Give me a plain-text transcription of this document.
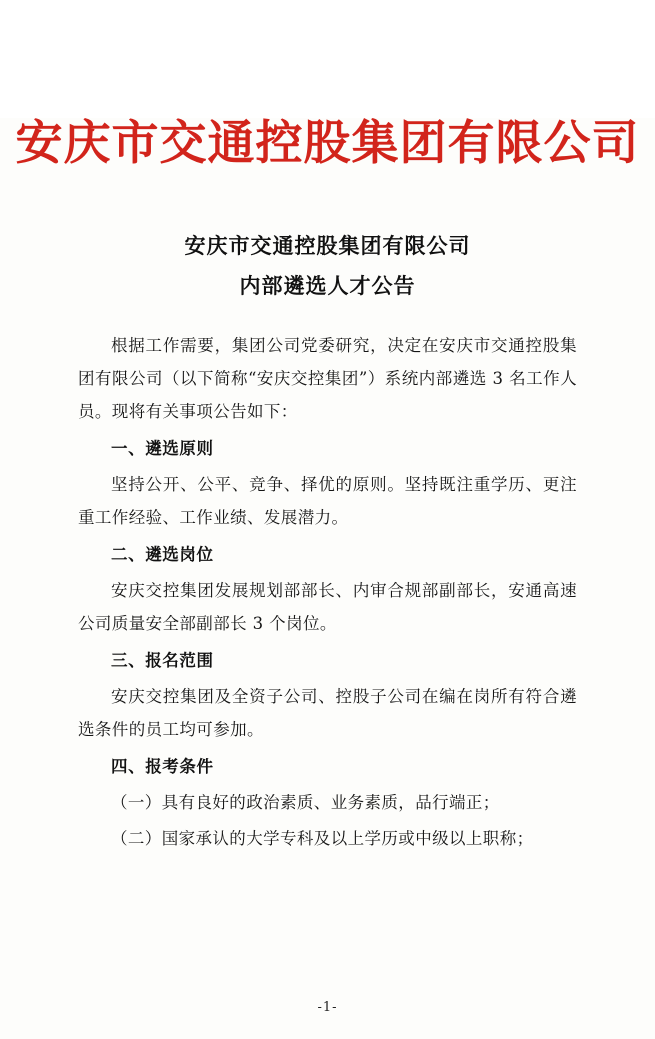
安庆市交通控股集团有限公司
安庆市交通控股集团有限公司
内部遴选人才公告

根据工作需要，集团公司党委研究，决定在安庆市交通控股集团有限公司（以下简称“安庆交控集团”）系统内部遴选 3 名工作人员。现将有关事项公告如下：

一、遴选原则

坚持公开、公平、竞争、择优的原则。坚持既注重学历、更注重工作经验、工作业绩、发展潜力。

二、遴选岗位

安庆交控集团发展规划部部长、内审合规部副部长，安通高速公司质量安全部副部长 3 个岗位。

三、报名范围

安庆交控集团及全资子公司、控股子公司在编在岗所有符合遴选条件的员工均可参加。

四、报考条件

（一）具有良好的政治素质、业务素质，品行端正；

（二）国家承认的大学专科及以上学历或中级以上职称；

-1-
